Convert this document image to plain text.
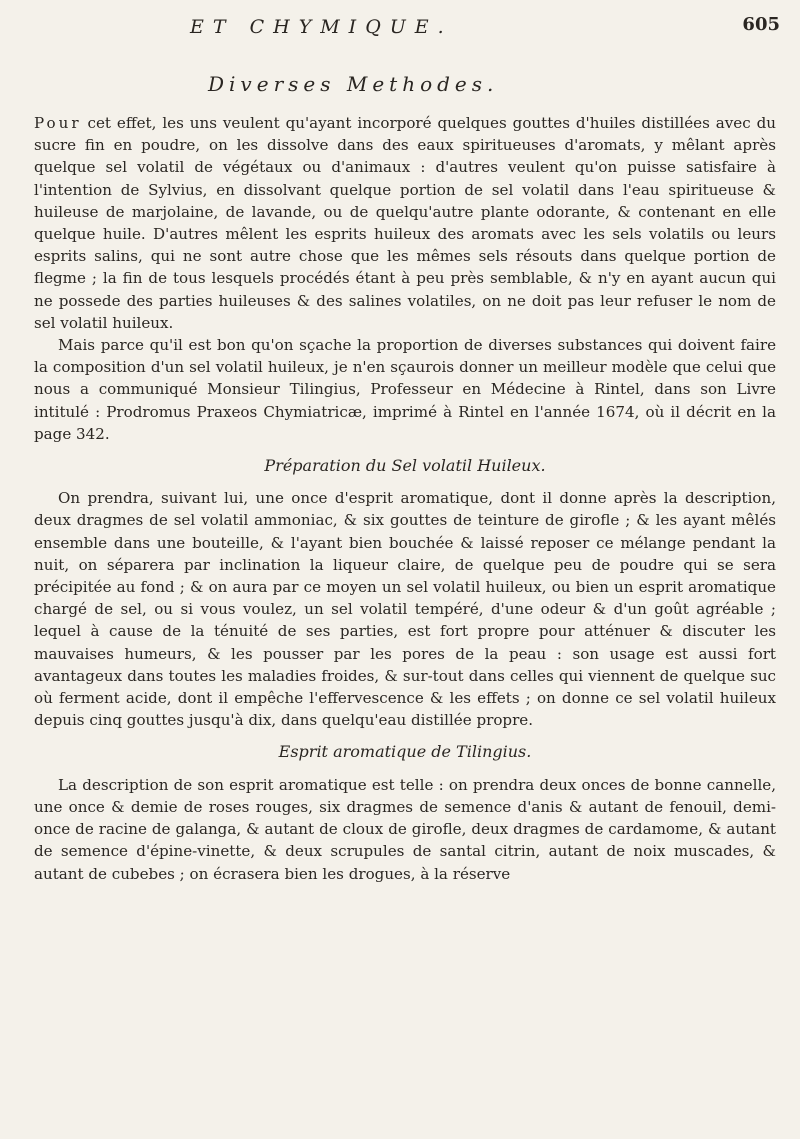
ET CHYMIQUE.	605
Diverses Methodes.

Pour cet effet, les uns veulent qu'ayant incorporé quelques gouttes d'huiles distillées avec du sucre fin en poudre, on les dissolve dans des eaux spiritueuses d'aromats, y mêlant après quelque sel volatil de végétaux ou d'animaux : d'autres veulent qu'on puisse satisfaire à l'intention de Sylvius, en dissolvant quelque portion de sel volatil dans l'eau spiritueuse & huileuse de marjolaine, de lavande, ou de quelqu'autre plante odorante, & contenant en elle quelque huile. D'autres mêlent les esprits huileux des aromats avec les sels volatils ou leurs esprits salins, qui ne sont autre chose que les mêmes sels résouts dans quelque portion de flegme ; la fin de tous lesquels procédés étant à peu près semblable, & n'y en ayant aucun qui ne possede des parties huileuses & des salines volatiles, on ne doit pas leur refuser le nom de sel volatil huileux.

Mais parce qu'il est bon qu'on sçache la proportion de diverses substances qui doivent faire la composition d'un sel volatil huileux, je n'en sçaurois donner un meilleur modèle que celui que nous a communiqué Monsieur Tilingius, Professeur en Médecine à Rintel, dans son Livre intitulé : Prodromus Praxeos Chymiatricæ, imprimé à Rintel en l'année 1674, où il décrit en la page 342.

Préparation du Sel volatil Huileux.

On prendra, suivant lui, une once d'esprit aromatique, dont il donne après la description, deux dragmes de sel volatil ammoniac, & six gouttes de teinture de girofle ; & les ayant mêlés ensemble dans une bouteille, & l'ayant bien bouchée & laissé reposer ce mélange pendant la nuit, on séparera par inclination la liqueur claire, de quelque peu de poudre qui se sera précipitée au fond ; & on aura par ce moyen un sel volatil huileux, ou bien un esprit aromatique chargé de sel, ou si vous voulez, un sel volatil tempéré, d'une odeur & d'un goût agréable ; lequel à cause de la ténuité de ses parties, est fort propre pour atténuer & discuter les mauvaises humeurs, & les pousser par les pores de la peau : son usage est aussi fort avantageux dans toutes les maladies froides, & sur-tout dans celles qui viennent de quelque suc où ferment acide, dont il empêche l'effervescence & les effets ; on donne ce sel volatil huileux depuis cinq gouttes jusqu'à dix, dans quelqu'eau distillée propre.

Esprit aromatique de Tilingius.

La description de son esprit aromatique est telle : on prendra deux onces de bonne cannelle, une once & demie de roses rouges, six dragmes de semence d'anis & autant de fenouil, demi-once de racine de galanga, & autant de cloux de girofle, deux dragmes de cardamome, & autant de semence d'épine-vinette, & deux scrupules de santal citrin, autant de noix muscades, & autant de cubebes ; on écrasera bien les drogues, à la réserve
